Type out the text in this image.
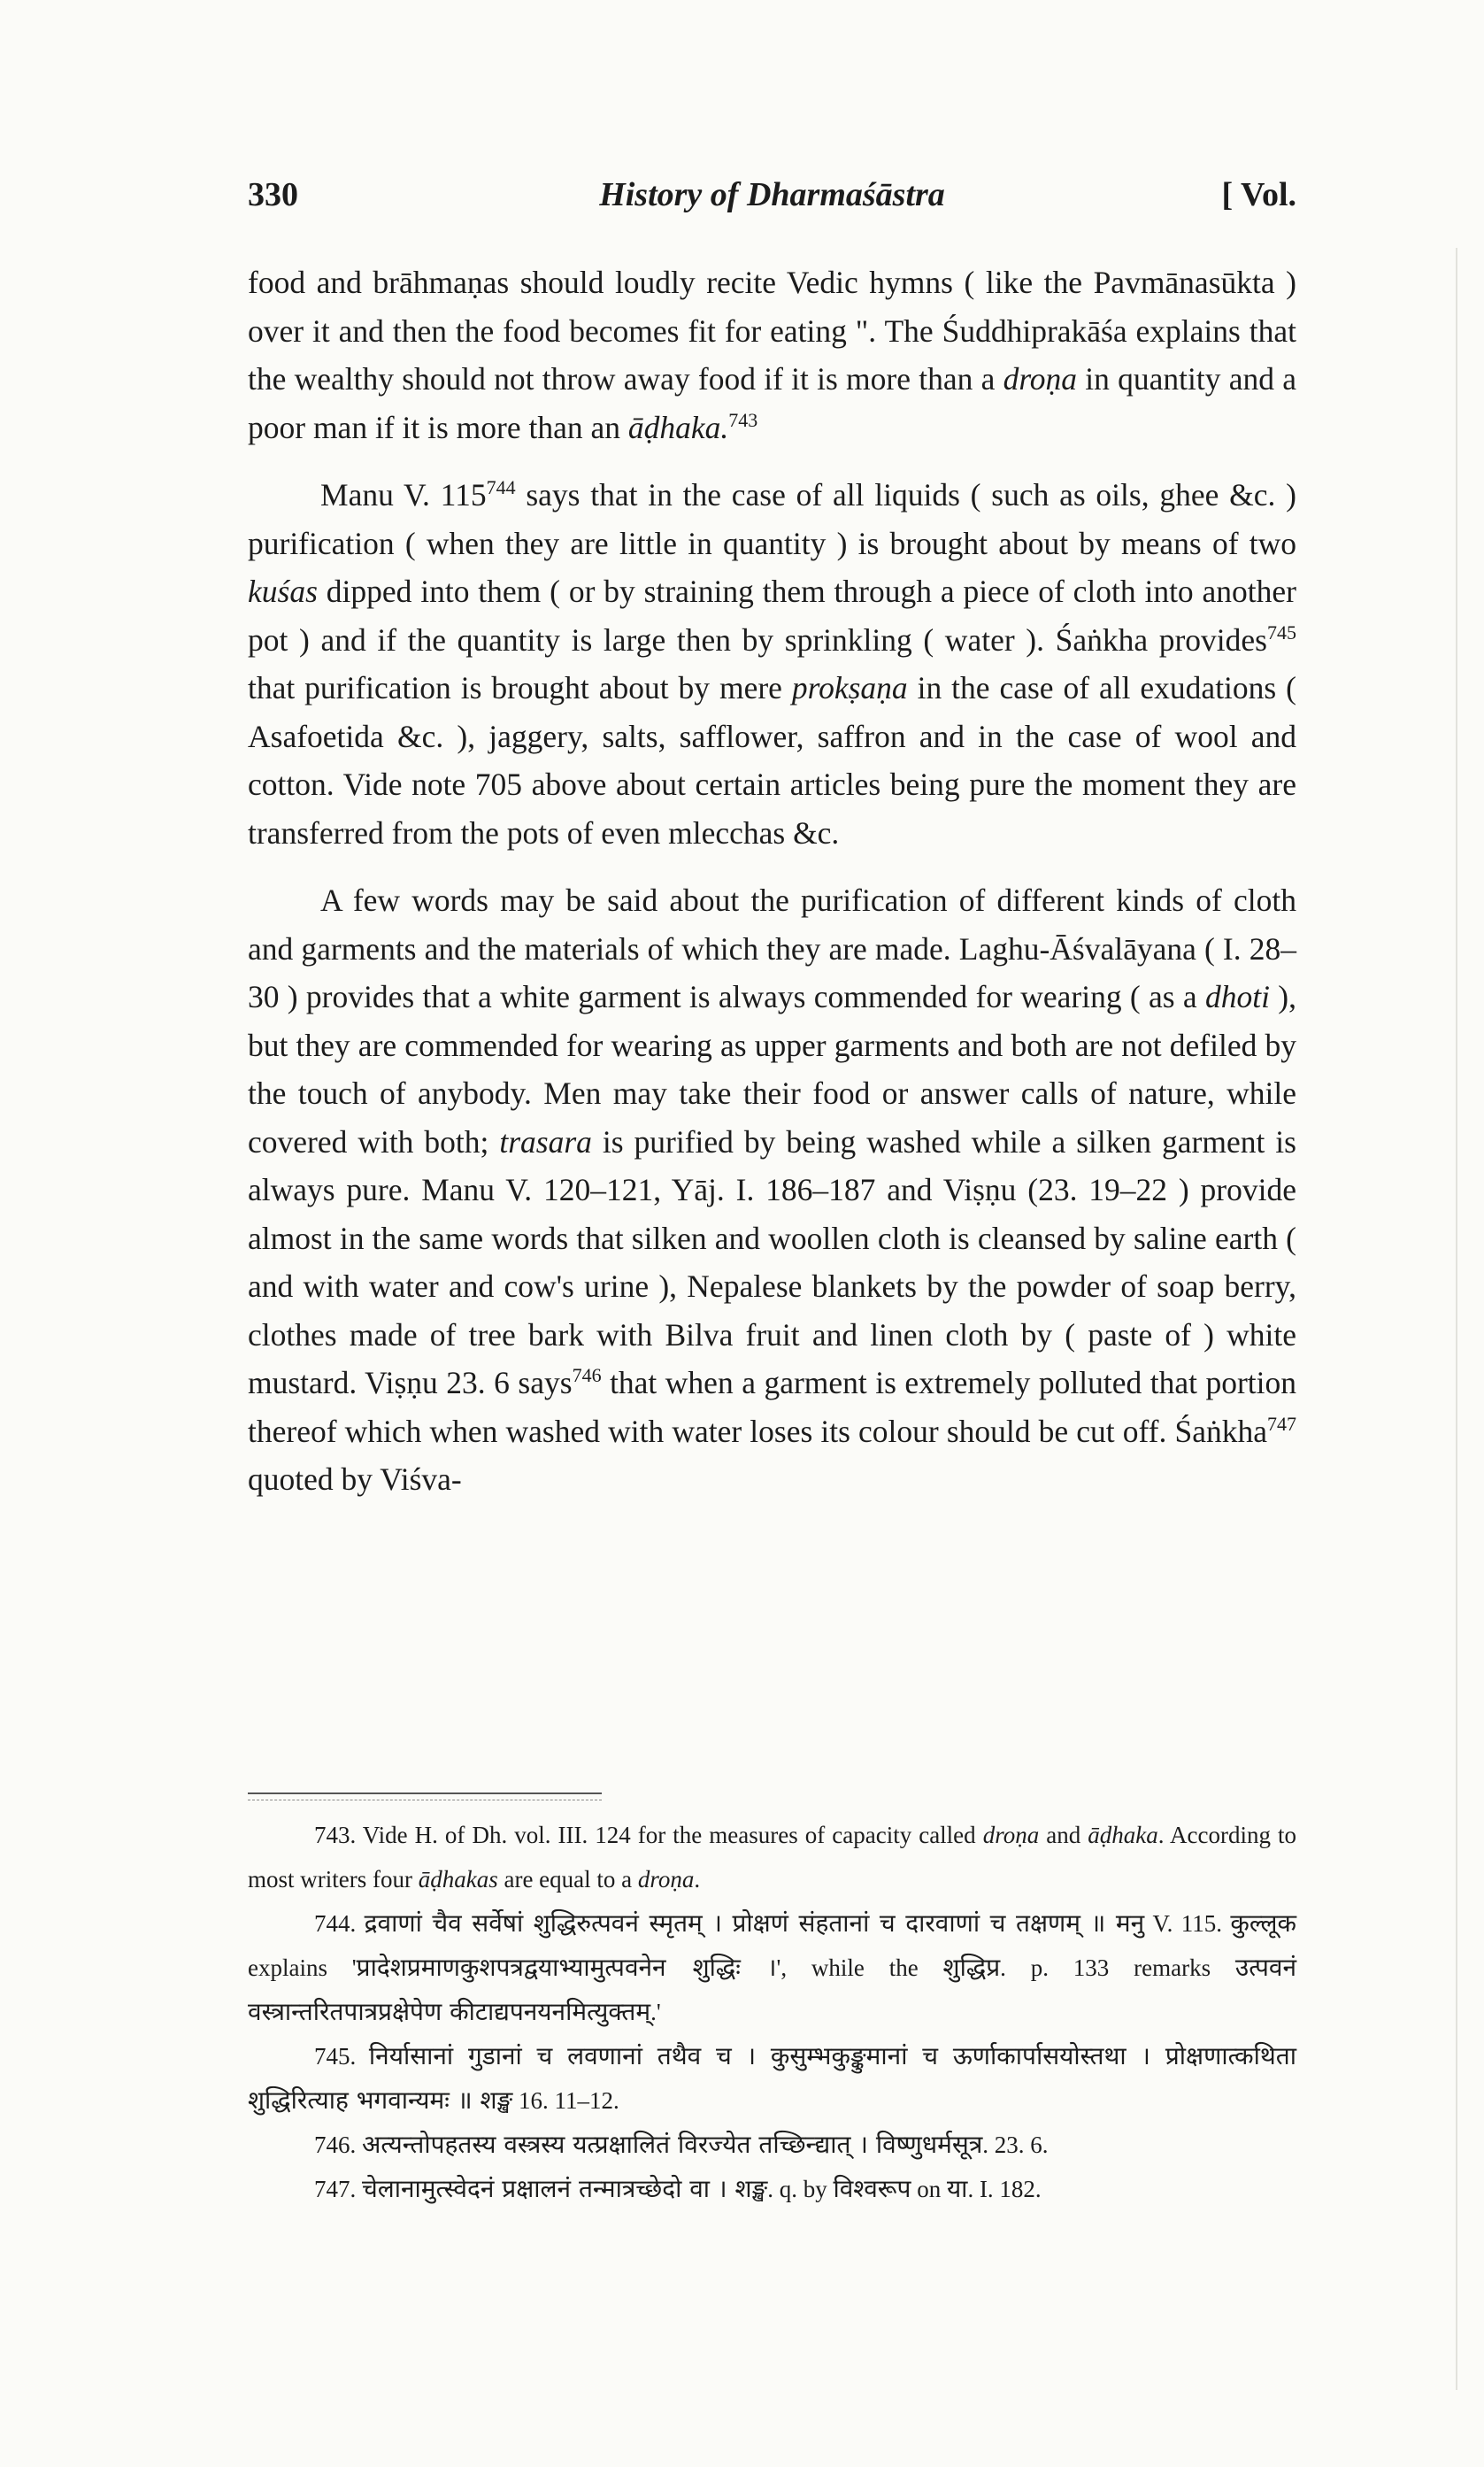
330	History of Dharmaśāstra	[ Vol.

food and brāhmaṇas should loudly recite Vedic hymns ( like the Pavmānasūkta ) over it and then the food becomes fit for eating ". The Śuddhiprakāśa explains that the wealthy should not throw away food if it is more than a droṇa in quantity and a poor man if it is more than an āḍhaka.$^{743}$

Manu V. $115^{744}$ says that in the case of all liquids ( such as oils, ghee &c. ) purification ( when they are little in quantity ) is brought about by means of two kuśas dipped into them ( or by straining them through a piece of cloth into another pot ) and if the quantity is large then by sprinkling ( water ). Śaṅkha provides$^{745}$ that purification is brought about by mere prokṣaṇa in the case of all exudations ( Asafoetida &c. ), jaggery, salts, safflower, saffron and in the case of wool and cotton. Vide note 705 above about certain articles being pure the moment they are transferred from the pots of even mlecchas &c.

A few words may be said about the purification of different kinds of cloth and garments and the materials of which they are made. Laghu-Āśvalāyana ( I. 28–30 ) provides that a white garment is always commended for wearing ( as a dhoti ), but they are commended for wearing as upper garments and both are not defiled by the touch of anybody. Men may take their food or answer calls of nature, while covered with both; trasara is purified by being washed while a silken garment is always pure. Manu V. 120–121, Yāj. I. 186–187 and Viṣṇu (23. 19–22 ) provide almost in the same words that silken and woollen cloth is cleansed by saline earth ( and with water and cow's urine ), Nepalese blankets by the powder of soap berry, clothes made of tree bark with Bilva fruit and linen cloth by ( paste of ) white mustard. Viṣṇu 23. 6 says$^{746}$ that when a garment is extremely polluted that portion thereof which when washed with water loses its colour should be cut off. Śaṅkha$^{747}$ quoted by Viśva-

743. Vide H. of Dh. vol. III. 124 for the measures of capacity called droṇa and āḍhaka. According to most writers four āḍhakas are equal to a droṇa.

744. द्रवाणां चैव सर्वेषां शुद्धिरुत्पवनं स्मृतम् । प्रोक्षणं संहतानां च दारवाणां च तक्षणम् ॥ मनु V. 115. कुल्लूक explains 'प्रादेशप्रमाणकुशपत्रद्वयाभ्यामुत्पवनेन शुद्धिः ।', while the शुद्धिप्र. p. 133 remarks उत्पवनं वस्त्रान्तरितपात्रप्रक्षेपेण कीटाद्यपनयनमित्युक्तम्.'

745. निर्यासानां गुडानां च लवणानां तथैव च । कुसुम्भकुङ्कुमानां च ऊर्णाकार्पासयोस्तथा । प्रोक्षणात्कथिता शुद्धिरित्याह भगवान्यमः ॥ शङ्ख 16. 11–12.

746. अत्यन्तोपहतस्य वस्त्रस्य यत्प्रक्षालितं विरज्येत तच्छिन्द्यात् । विष्णुधर्मसूत्र. 23. 6.

747. चेलानामुत्स्वेदनं प्रक्षालनं तन्मात्रच्छेदो वा । शङ्ख. q. by विश्वरूप on या. I. 182.
